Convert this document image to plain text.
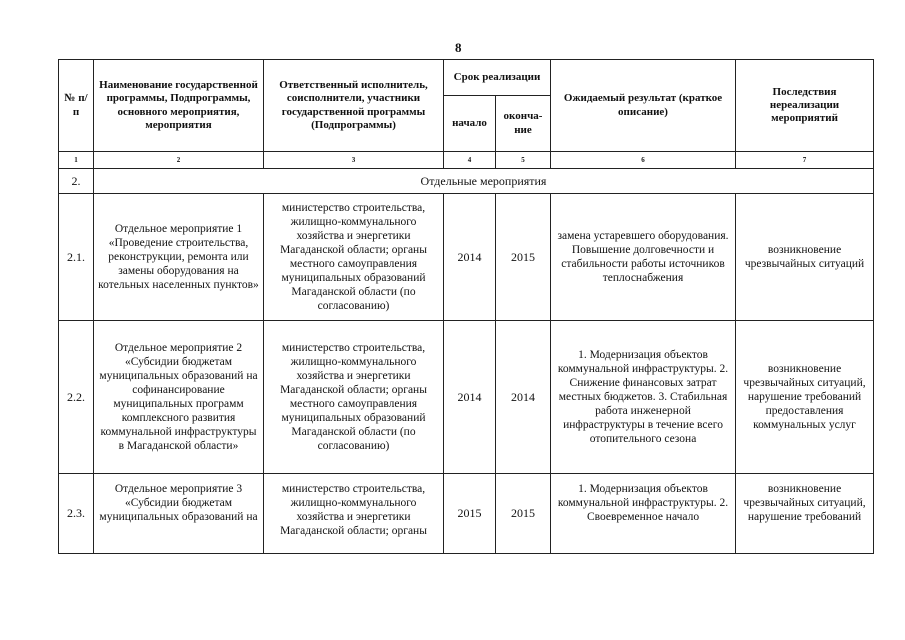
8
№ п/п	Наименование государственной программы, Подпрограммы, основного мероприятия, мероприятия	Ответственный исполнитель, соисполнители, участники государственной программы (Подпрограммы)	Срок реализации		Ожидаемый результат (краткое описание)	Последствия нереализации мероприятий
			начало	оконча-ние		
1	2	3	4	5	6	7
2.	Отдельные мероприятия					
2.1.	Отдельное мероприятие 1 «Проведение строительства, реконструкции, ремонта или замены оборудования на котельных населенных пунктов»	министерство строительства, жилищно-коммунального хозяйства и энергетики Магаданской области; органы местного самоуправления муниципальных образований Магаданской области (по согласованию)	2014	2015	замена устаревшего оборудования. Повышение долговечности и стабильности работы источников теплоснабжения	возникновение чрезвычайных ситуаций
2.2.	Отдельное мероприятие 2 «Субсидии бюджетам муниципальных образований на софинансирование муниципальных программ комплексного развития коммунальной инфраструктуры в Магаданской области»	министерство строительства, жилищно-коммунального хозяйства и энергетики Магаданской области; органы местного самоуправления муниципальных образований Магаданской области (по согласованию)	2014	2014	1. Модернизация объектов коммунальной инфраструктуры. 2. Снижение финансовых затрат местных бюджетов. 3. Стабильная работа инженерной инфраструктуры в течение всего отопительного сезона	возникновение чрезвычайных ситуаций, нарушение требований предоставления коммунальных услуг
2.3.	Отдельное мероприятие 3 «Субсидии бюджетам муниципальных образований на	министерство строительства, жилищно-коммунального хозяйства и энергетики Магаданской области; органы	2015	2015	1. Модернизация объектов коммунальной инфраструктуры. 2. Своевременное начало	возникновение чрезвычайных ситуаций, нарушение требований
